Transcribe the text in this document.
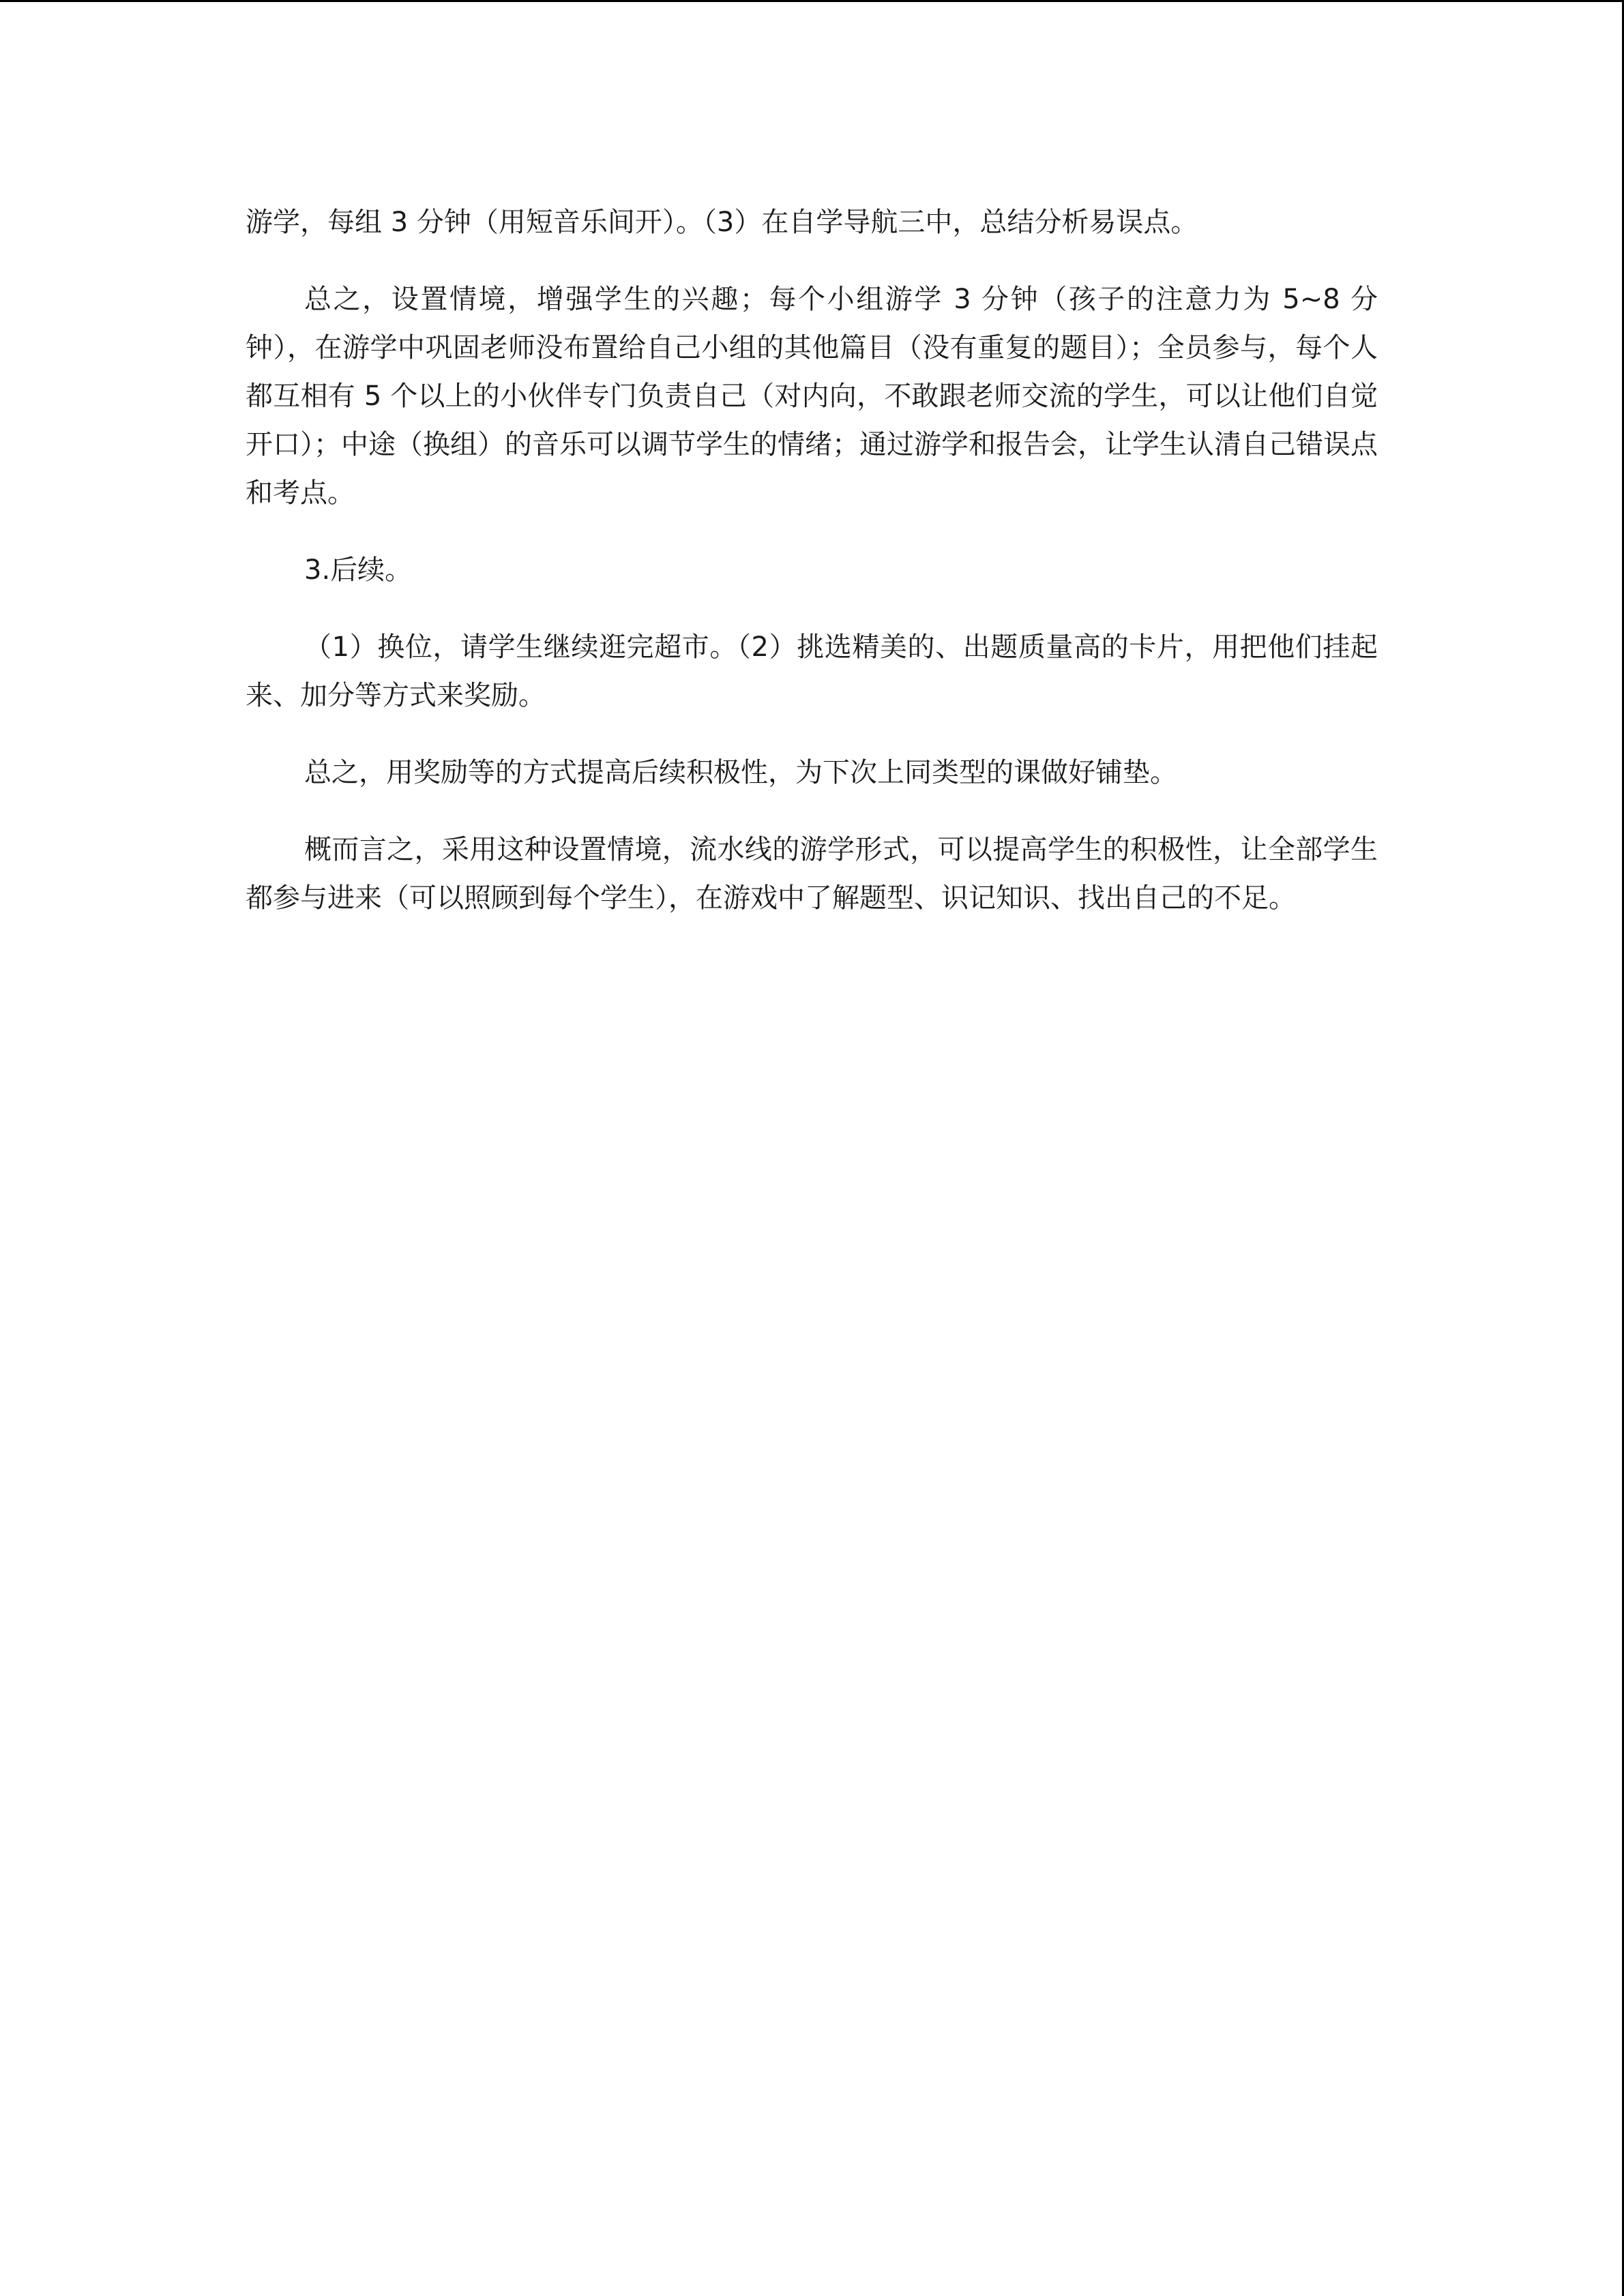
游学，每组 3 分钟（用短音乐间开）。（3）在自学导航三中，总结分析易误点。

总之，设置情境，增强学生的兴趣；每个小组游学 3 分钟（孩子的注意力为 5~8 分钟），在游学中巩固老师没布置给自己小组的其他篇目（没有重复的题目）；全员参与，每个人都互相有 5 个以上的小伙伴专门负责自己（对内向，不敢跟老师交流的学生，可以让他们自觉开口）；中途（换组）的音乐可以调节学生的情绪；通过游学和报告会，让学生认清自己错误点和考点。

3.后续。

（1）换位，请学生继续逛完超市。（2）挑选精美的、出题质量高的卡片，用把他们挂起来、加分等方式来奖励。

总之，用奖励等的方式提高后续积极性，为下次上同类型的课做好铺垫。

概而言之，采用这种设置情境，流水线的游学形式，可以提高学生的积极性，让全部学生都参与进来（可以照顾到每个学生），在游戏中了解题型、识记知识、找出自己的不足。
